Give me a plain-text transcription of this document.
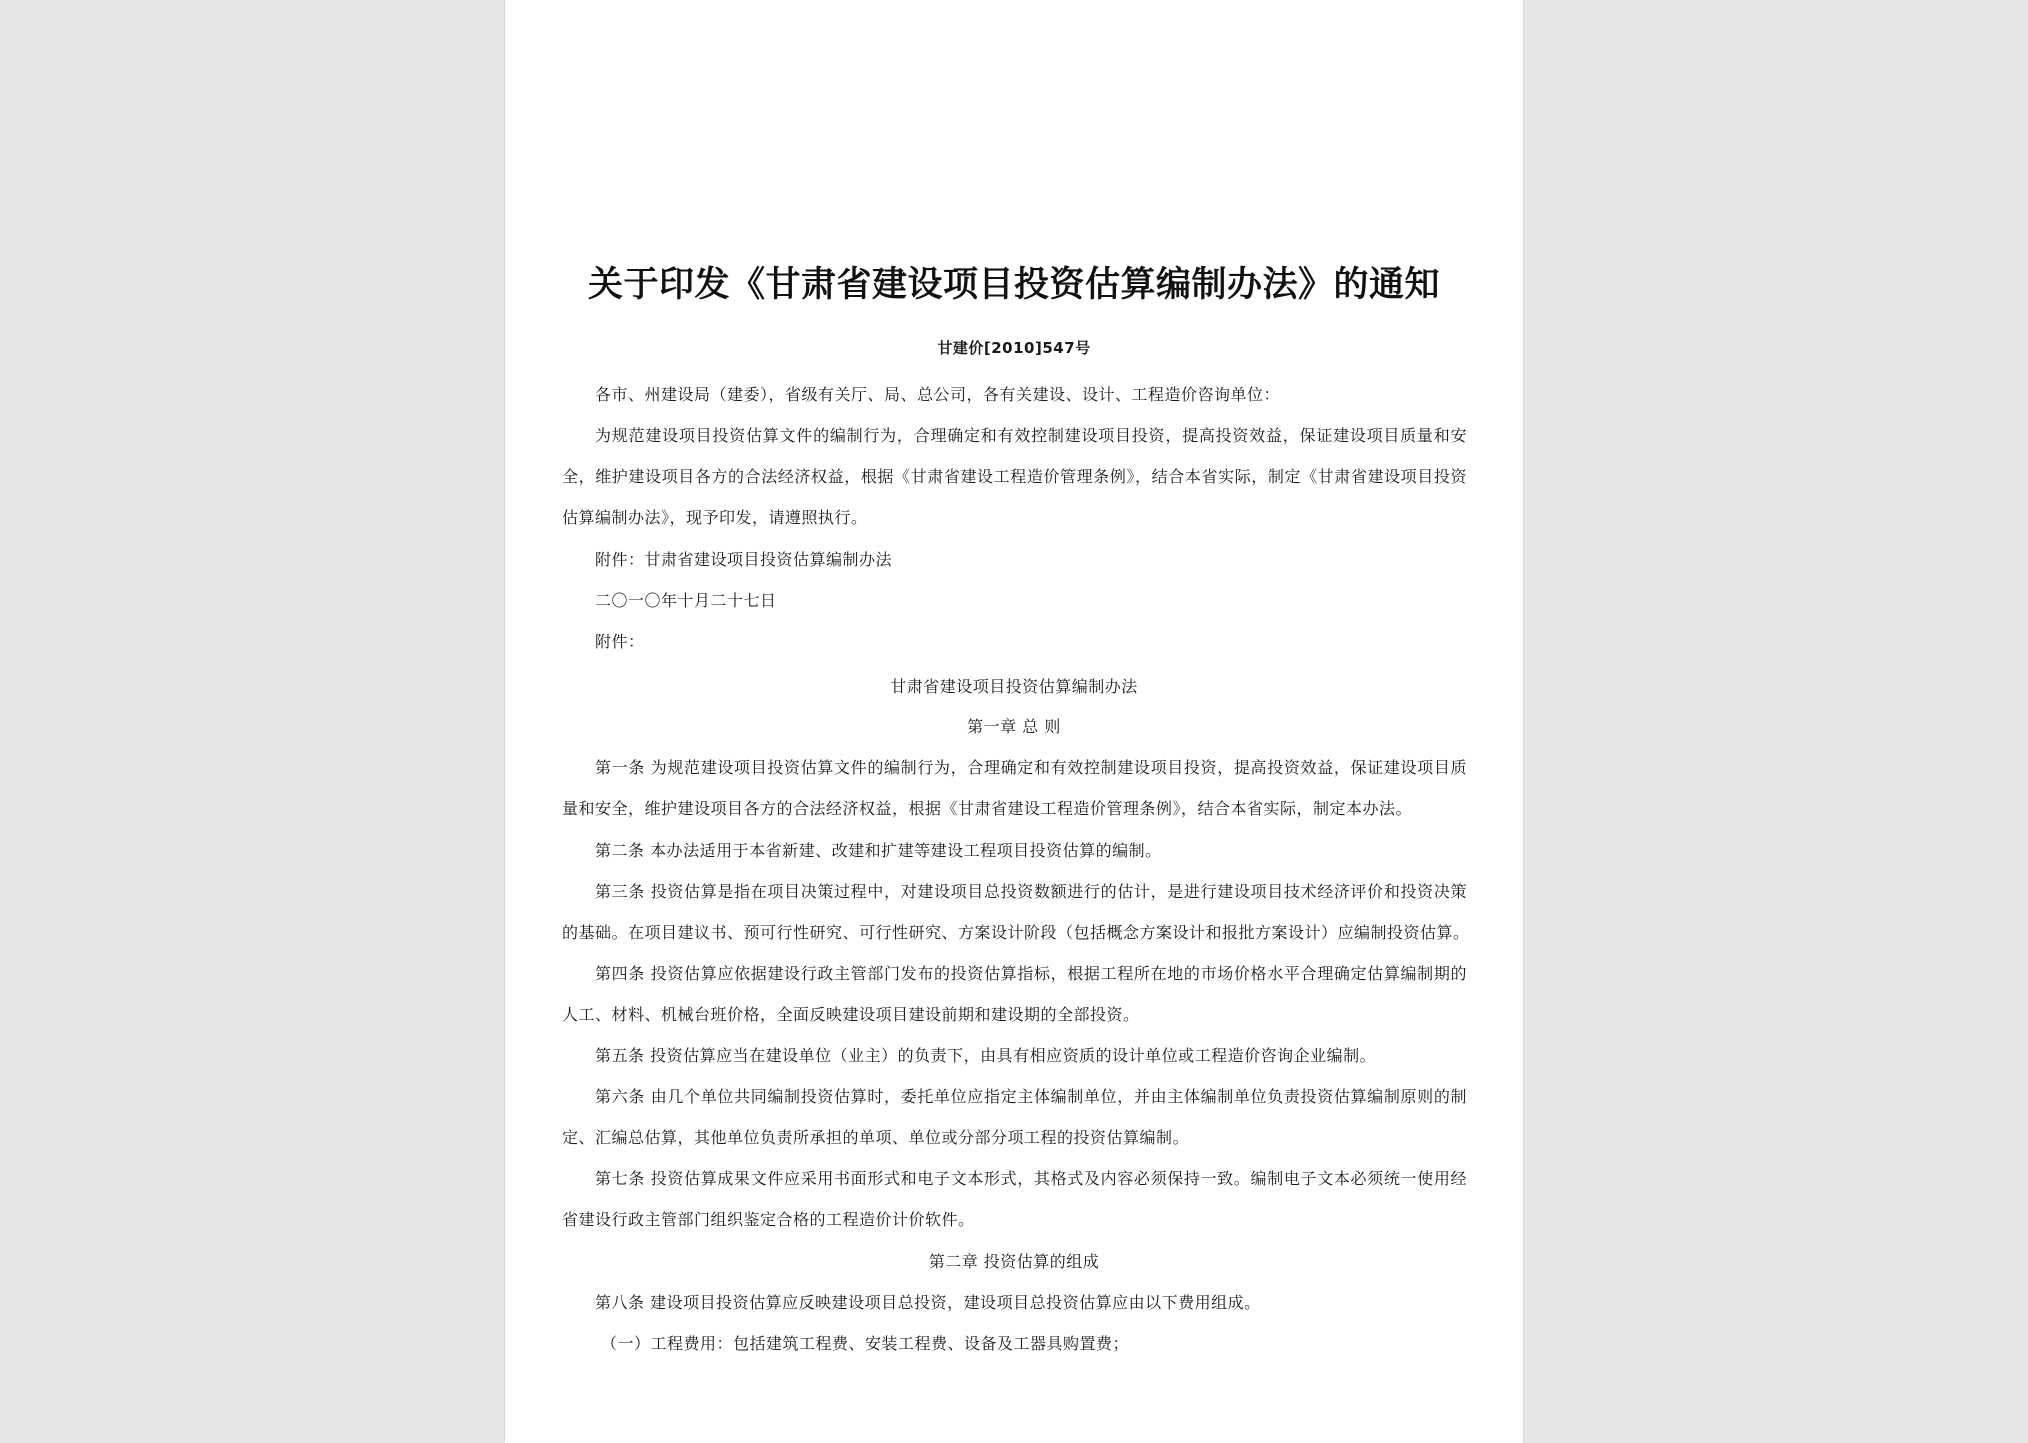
关于印发《甘肃省建设项目投资估算编制办法》的通知
甘建价[2010]547号
各市、州建设局（建委），省级有关厅、局、总公司，各有关建设、设计、工程造价咨询单位：
为规范建设项目投资估算文件的编制行为，合理确定和有效控制建设项目投资，提高投资效益，保证建设项目质量和安
全，维护建设项目各方的合法经济权益，根据《甘肃省建设工程造价管理条例》，结合本省实际，制定《甘肃省建设项目投资
估算编制办法》，现予印发，请遵照执行。
附件：甘肃省建设项目投资估算编制办法
二〇一〇年十月二十七日
附件：
甘肃省建设项目投资估算编制办法
第一章 总 则
第一条 为规范建设项目投资估算文件的编制行为，合理确定和有效控制建设项目投资，提高投资效益，保证建设项目质
量和安全，维护建设项目各方的合法经济权益，根据《甘肃省建设工程造价管理条例》，结合本省实际，制定本办法。
第二条 本办法适用于本省新建、改建和扩建等建设工程项目投资估算的编制。
第三条 投资估算是指在项目决策过程中，对建设项目总投资数额进行的估计，是进行建设项目技术经济评价和投资决策
的基础。在项目建议书、预可行性研究、可行性研究、方案设计阶段（包括概念方案设计和报批方案设计）应编制投资估算。
第四条 投资估算应依据建设行政主管部门发布的投资估算指标，根据工程所在地的市场价格水平合理确定估算编制期的
人工、材料、机械台班价格，全面反映建设项目建设前期和建设期的全部投资。
第五条 投资估算应当在建设单位（业主）的负责下，由具有相应资质的设计单位或工程造价咨询企业编制。
第六条 由几个单位共同编制投资估算时，委托单位应指定主体编制单位，并由主体编制单位负责投资估算编制原则的制
定、汇编总估算，其他单位负责所承担的单项、单位或分部分项工程的投资估算编制。
第七条 投资估算成果文件应采用书面形式和电子文本形式，其格式及内容必须保持一致。编制电子文本必须统一使用经
省建设行政主管部门组织鉴定合格的工程造价计价软件。
第二章 投资估算的组成
第八条 建设项目投资估算应反映建设项目总投资，建设项目总投资估算应由以下费用组成。
（一）工程费用：包括建筑工程费、安装工程费、设备及工器具购置费；
